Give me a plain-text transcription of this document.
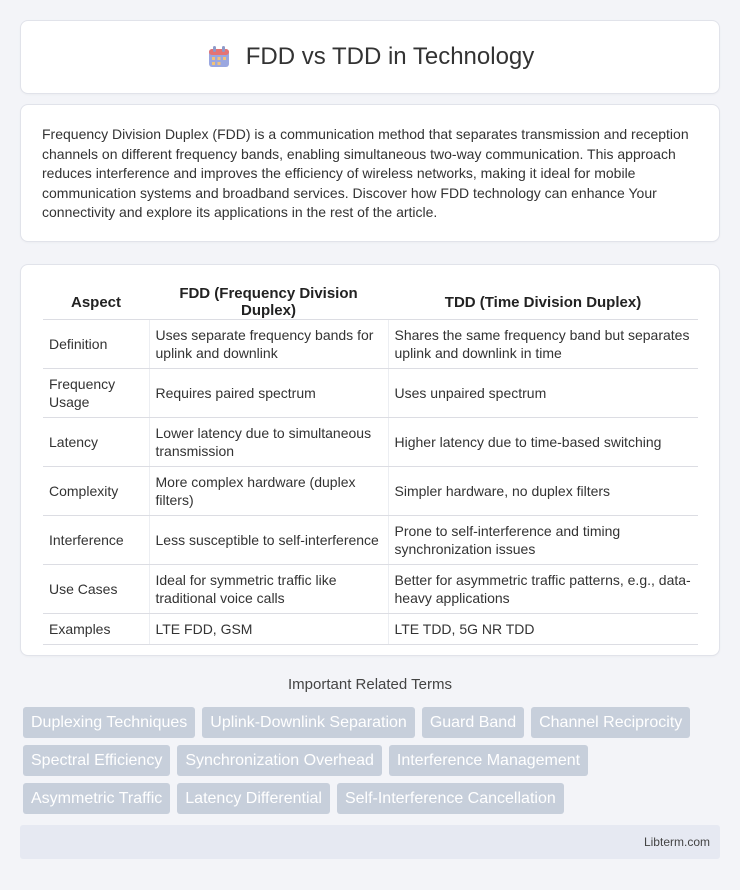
FDD vs TDD in Technology

Frequency Division Duplex (FDD) is a communication method that separates transmission and reception channels on different frequency bands, enabling simultaneous two-way communication. This approach reduces interference and improves the efficiency of wireless networks, making it ideal for mobile communication systems and broadband services. Discover how FDD technology can enhance Your connectivity and explore its applications in the rest of the article.

Aspect	FDD (Frequency Division Duplex)	TDD (Time Division Duplex)
Definition	Uses separate frequency bands for uplink and downlink	Shares the same frequency band but separates uplink and downlink in time
Frequency Usage	Requires paired spectrum	Uses unpaired spectrum
Latency	Lower latency due to simultaneous transmission	Higher latency due to time-based switching
Complexity	More complex hardware (duplex filters)	Simpler hardware, no duplex filters
Interference	Less susceptible to self-interference	Prone to self-interference and timing synchronization issues
Use Cases	Ideal for symmetric traffic like traditional voice calls	Better for asymmetric traffic patterns, e.g., data-heavy applications
Examples	LTE FDD, GSM	LTE TDD, 5G NR TDD
Important Related Terms
Duplexing Techniques	Uplink-Downlink Separation	Guard Band	Channel Reciprocity
Spectral Efficiency	Synchronization Overhead	Interference Management
Asymmetric Traffic	Latency Differential	Self-Interference Cancellation
Libterm.com
